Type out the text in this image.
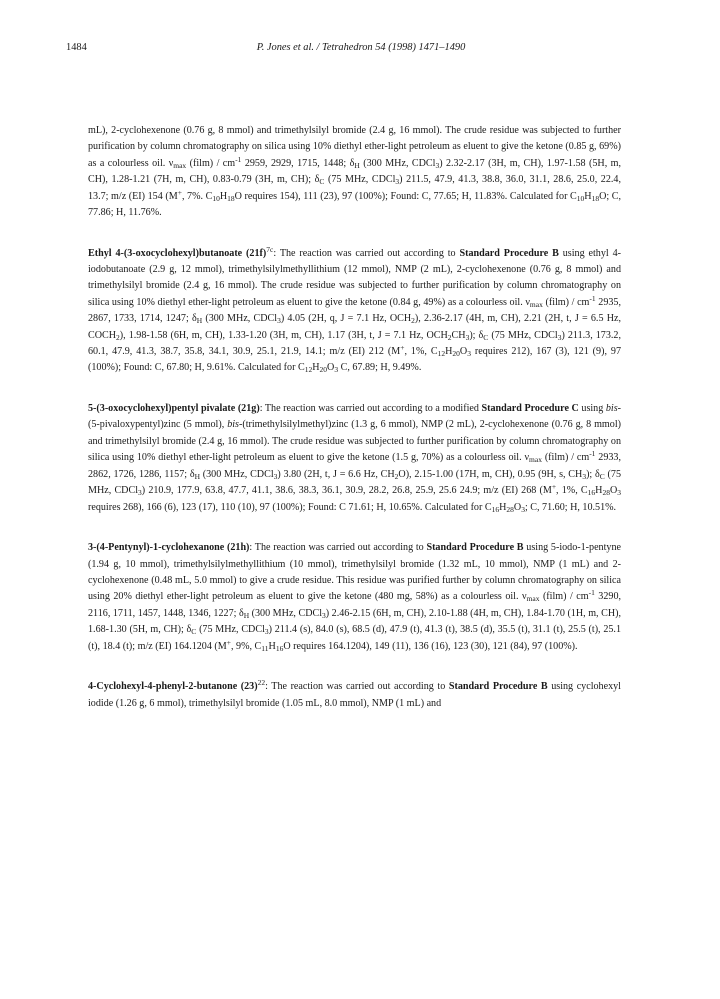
1484	P. Jones et al. / Tetrahedron 54 (1998) 1471–1490

mL), 2-cyclohexenone (0.76 g, 8 mmol) and trimethylsilyl bromide (2.4 g, 16 mmol). The crude residue was subjected to further purification by column chromatography on silica using 10% diethyl ether-light petroleum as eluent to give the ketone (0.85 g, 69%) as a colourless oil. $\nu_{max}$ (film) / $cm^{-1}$ 2959, 2929, 1715, 1448; $\delta_H$ (300 MHz, CDCl$_3$) 2.32-2.17 (3H, m, CH), 1.97-1.58 (5H, m, CH), 1.28-1.21 (7H, m, CH), 0.83-0.79 (3H, m, CH); $\delta_C$ (75 MHz, CDCl$_3$) 211.5, 47.9, 41.3, 38.8, 36.0, 31.1, 28.6, 25.0, 22.4, 13.7; m/z (EI) 154 (M+, 7%. $C_{10}H_{18}O$ requires 154), 111 (23), 97 (100%); Found: C, 77.65; H, 11.83%. Calculated for $C_{10}H_{18}O$; C, 77.86; H, 11.76%.

Ethyl 4-(3-oxocyclohexyl)butanoate $(21f)^{7c}$: The reaction was carried out according to Standard Procedure B using ethyl 4-iodobutanoate (2.9 g, 12 mmol), trimethylsilylmethyllithium (12 mmol), NMP (2 mL), 2-cyclohexenone (0.76 g, 8 mmol) and trimethylsilyl bromide (2.4 g, 16 mmol). The crude residue was subjected to further purification by column chromatography on silica using 10% diethyl ether-light petroleum as eluent to give the ketone (0.84 g, 49%) as a colourless oil. $\nu_{max}$ (film) / $cm^{-1}$ 2935, 2867, 1733, 1714, 1247; $\delta_H$ (300 MHz, CDCl$_3$) 4.05 (2H, q, J = 7.1 Hz, $OCH_2$), 2.36-2.17 (4H, m, CH), 2.21 (2H, t, J = 6.5 Hz, $COCH_2$), 1.98-1.58 (6H, m, CH), 1.33-1.20 (3H, m, CH), 1.17 (3H, t, J = 7.1 Hz, $OCH_2CH_3$); $\delta_C$ (75 MHz, CDCl$_3$) 211.3, 173.2, 60.1, 47.9, 41.3, 38.7, 35.8, 34.1, 30.9, 25.1, 21.9, 14.1; m/z (EI) 212 (M+, 1%, $C_{12}H_{20}O_3$ requires 212), 167 (3), 121 (9), 97 (100%); Found: C, 67.80; H, 9.61%. Calculated for $C_{12}H_{20}O_3$ C, 67.89; H, 9.49%.

5-(3-oxocyclohexyl)pentyl pivalate (21g): The reaction was carried out according to a modified Standard Procedure C using bis-(5-pivaloxypentyl)zinc (5 mmol), bis-(trimethylsilylmethyl)zinc (1.3 g, 6 mmol), NMP (2 mL), 2-cyclohexenone (0.76 g, 8 mmol) and trimethylsilyl bromide (2.4 g, 16 mmol). The crude residue was subjected to further purification by column chromatography on silica using 10% diethyl ether-light petroleum as eluent to give the ketone (1.5 g, 70%) as a colourless oil. $\nu_{max}$ (film) / $cm^{-1}$ 2933, 2862, 1726, 1286, 1157; $\delta_H$ (300 MHz, CDCl$_3$) 3.80 (2H, t, J = 6.6 Hz, $CH_2O$), 2.15-1.00 (17H, m, CH), 0.95 (9H, s, $CH_3$); $\delta_C$ (75 MHz, CDCl$_3$) 210.9, 177.9, 63.8, 47.7, 41.1, 38.6, 38.3, 36.1, 30.9, 28.2, 26.8, 25.9, 25.6 24.9; m/z (EI) 268 (M+, 1%, $C_{16}H_{28}O_3$ requires 268), 166 (6), 123 (17), 110 (10), 97 (100%); Found: C 71.61; H, 10.65%. Calculated for $C_{16}H_{28}O_3$; C, 71.60; H, 10.51%.

3-(4-Pentynyl)-1-cyclohexanone (21h): The reaction was carried out according to Standard Procedure B using 5-iodo-1-pentyne (1.94 g, 10 mmol), trimethylsilylmethyllithium (10 mmol), trimethylsilyl bromide (1.32 mL, 10 mmol), NMP (1 mL) and 2-cyclohexenone (0.48 mL, 5.0 mmol) to give a crude residue. This residue was purified further by column chromatography on silica using 20% diethyl ether-light petroleum as eluent to give the ketone (480 mg, 58%) as a colourless oil. $\nu_{max}$ (film) / $cm^{-1}$ 3290, 2116, 1711, 1457, 1448, 1346, 1227; $\delta_H$ (300 MHz, CDCl$_3$) 2.46-2.15 (6H, m, CH), 2.10-1.88 (4H, m, CH), 1.84-1.70 (1H, m, CH), 1.68-1.30 (5H, m, CH); $\delta_C$ (75 MHz, CDCl$_3$) 211.4 (s), 84.0 (s), 68.5 (d), 47.9 (t), 41.3 (t), 38.5 (d), 35.5 (t), 31.1 (t), 25.5 (t), 25.1 (t), 18.4 (t); m/z (EI) 164.1204 (M+, 9%, $C_{11}H_{16}O$ requires 164.1204), 149 (11), 136 (16), 123 (30), 121 (84), 97 (100%).

4-Cyclohexyl-4-phenyl-2-butanone $(23)^{22}$: The reaction was carried out according to Standard Procedure B using cyclohexyl iodide (1.26 g, 6 mmol), trimethylsilyl bromide (1.05 mL, 8.0 mmol), NMP (1 mL) and
